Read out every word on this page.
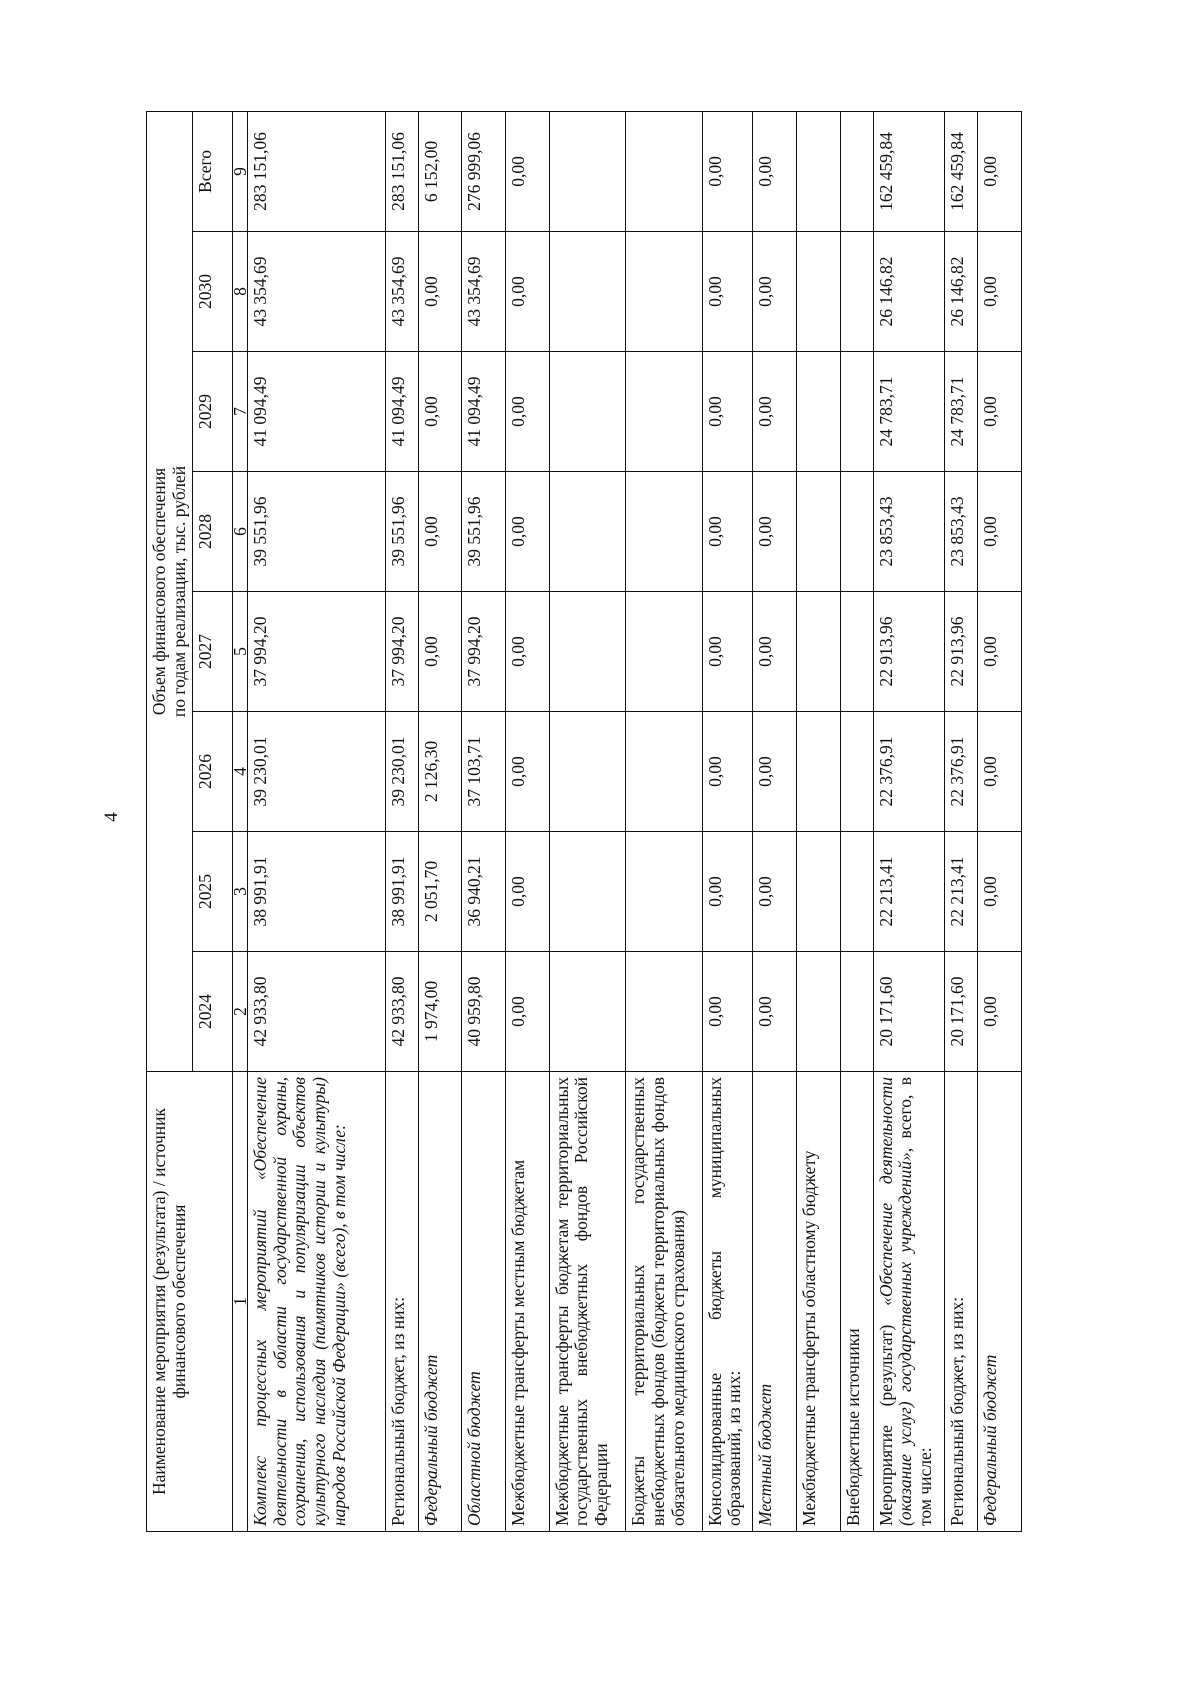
4
Наименование мероприятия (результата) / источник финансового обеспечения	Объем финансового обеспечения по годам реализации, тыс. рублей							

	2024	2025	2026	2027	2028	2029	2030	Всего
1	2	3	4	5	6	7	8	9
Комплекс процессных мероприятий «Обеспечение деятельности в области государственной охраны, сохранения, использования и популяризации объектов культурного наследия (памятников истории и культуры) народов Российской Федерации» (всего), в том числе:	42 933,80	38 991,91	39 230,01	37 994,20	39 551,96	41 094,49	43 354,69	283 151,06
Региональный бюджет, из них:	42 933,80	38 991,91	39 230,01	37 994,20	39 551,96	41 094,49	43 354,69	283 151,06
Федеральный бюджет	1 974,00	2 051,70	2 126,30	0,00	0,00	0,00	0,00	6 152,00
Областной бюджет	40 959,80	36 940,21	37 103,71	37 994,20	39 551,96	41 094,49	43 354,69	276 999,06
Межбюджетные трансферты местным бюджетам	0,00	0,00	0,00	0,00	0,00	0,00	0,00	0,00
Межбюджетные трансферты бюджетам территориальных государственных внебюджетных фондов Российской Федерации								
Бюджеты территориальных государственных внебюджетных фондов (бюджеты территориальных фондов обязательного медицинского страхования)								
Консолидированные бюджеты муниципальных образований, из них:	0,00	0,00	0,00	0,00	0,00	0,00	0,00	0,00
Местный бюджет	0,00	0,00	0,00	0,00	0,00	0,00	0,00	0,00
Межбюджетные трансферты областному бюджету								
Внебюджетные источники								
Мероприятие (результат) «Обеспечение деятельности (оказание услуг) государственных учреждений», всего, в том числе:	20 171,60	22 213,41	22 376,91	22 913,96	23 853,43	24 783,71	26 146,82	162 459,84
Региональный бюджет, из них:	20 171,60	22 213,41	22 376,91	22 913,96	23 853,43	24 783,71	26 146,82	162 459,84
Федеральный бюджет	0,00	0,00	0,00	0,00	0,00	0,00	0,00	0,00
